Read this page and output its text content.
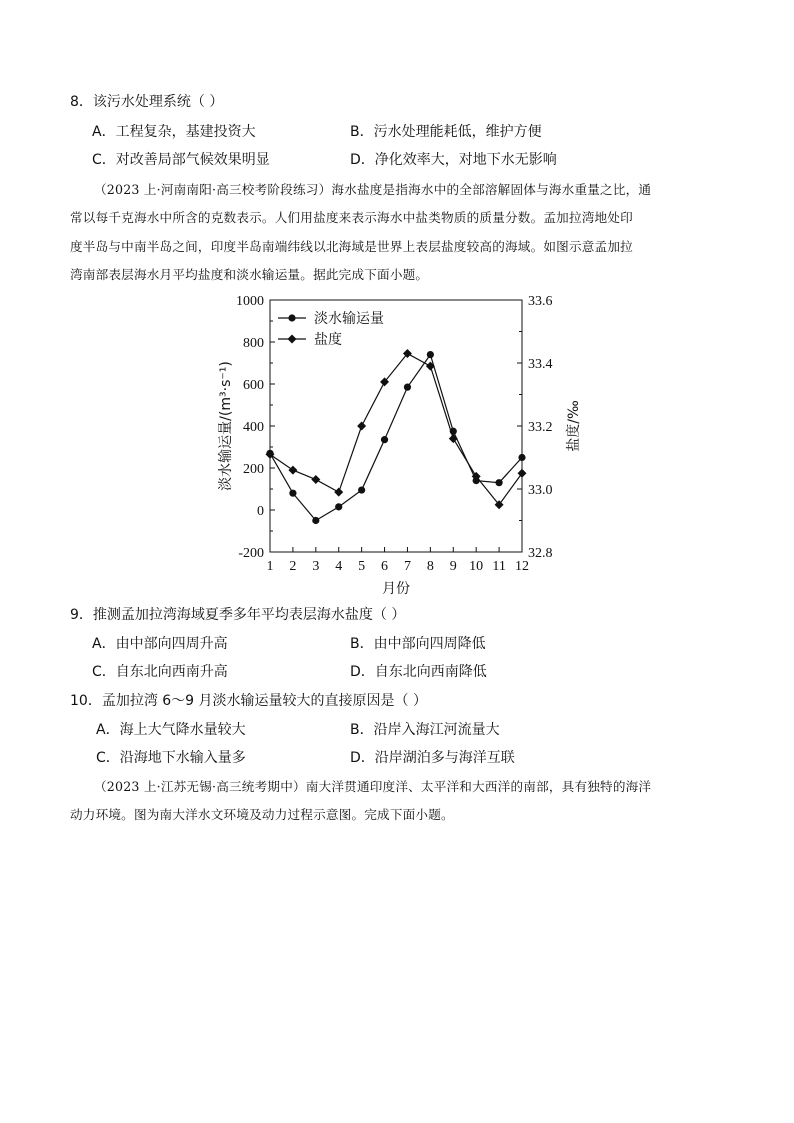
8．该污水处理系统（ ）
A．工程复杂，基建投资大	B．污水处理能耗低，维护方便
C．对改善局部气候效果明显	D．净化效率大，对地下水无影响
（2023 上·河南南阳·高三校考阶段练习）海水盐度是指海水中的全部溶解固体与海水重量之比，通
常以每千克海水中所含的克数表示。人们用盐度来表示海水中盐类物质的质量分数。孟加拉湾地处印
度半岛与中南半岛之间，印度半岛南端纬线以北海域是世界上表层盐度较高的海域。如图示意孟加拉
湾南部表层海水月平均盐度和淡水输运量。据此完成下面小题。
1000
800
600
400
200
0
-200
33.6
33.4
33.2
33.0
32.8
1 2 3 4 5 6 7 8 9 10 11 12
淡水输运量/(m³·s⁻¹)	盐度/‰
月份
淡水输运量
盐度
9．推测孟加拉湾海域夏季多年平均表层海水盐度（ ）
A．由中部向四周升高	B．由中部向四周降低
C．自东北向西南升高	D．自东北向西南降低
10．孟加拉湾 6～9 月淡水输运量较大的直接原因是（ ）
A．海上大气降水量较大	B．沿岸入海江河流量大
C．沿海地下水输入量多	D．沿岸湖泊多与海洋互联
（2023 上·江苏无锡·高三统考期中）南大洋贯通印度洋、太平洋和大西洋的南部，具有独特的海洋
动力环境。图为南大洋水文环境及动力过程示意图。完成下面小题。
